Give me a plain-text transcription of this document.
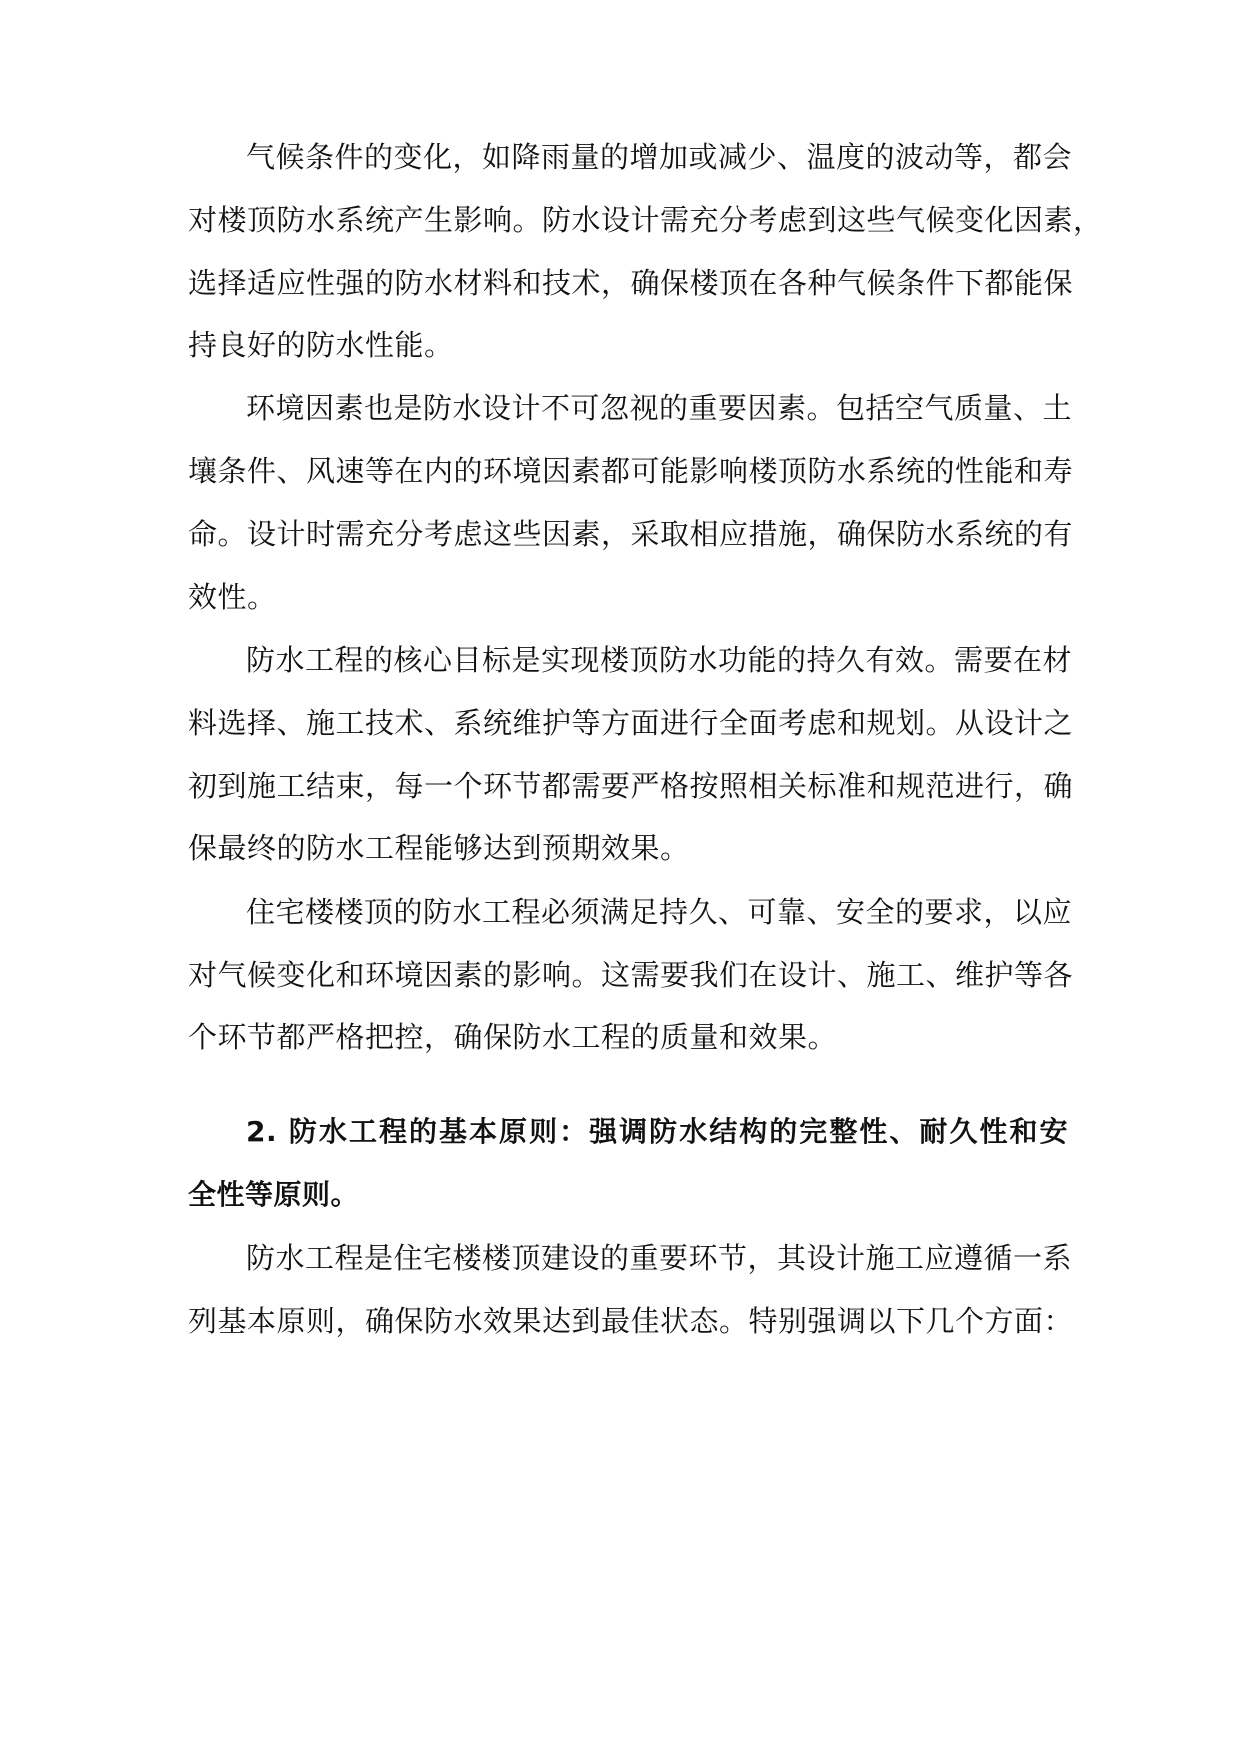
气候条件的变化，如降雨量的增加或减少、温度的波动等，都会
对楼顶防水系统产生影响。防水设计需充分考虑到这些气候变化因素，
选择适应性强的防水材料和技术，确保楼顶在各种气候条件下都能保
持良好的防水性能。
环境因素也是防水设计不可忽视的重要因素。包括空气质量、土
壤条件、风速等在内的环境因素都可能影响楼顶防水系统的性能和寿
命。设计时需充分考虑这些因素，采取相应措施，确保防水系统的有
效性。
防水工程的核心目标是实现楼顶防水功能的持久有效。需要在材
料选择、施工技术、系统维护等方面进行全面考虑和规划。从设计之
初到施工结束，每一个环节都需要严格按照相关标准和规范进行，确
保最终的防水工程能够达到预期效果。
住宅楼楼顶的防水工程必须满足持久、可靠、安全的要求，以应
对气候变化和环境因素的影响。这需要我们在设计、施工、维护等各
个环节都严格把控，确保防水工程的质量和效果。
2. 防水工程的基本原则：强调防水结构的完整性、耐久性和安
全性等原则。
防水工程是住宅楼楼顶建设的重要环节，其设计施工应遵循一系
列基本原则，确保防水效果达到最佳状态。特别强调以下几个方面：
